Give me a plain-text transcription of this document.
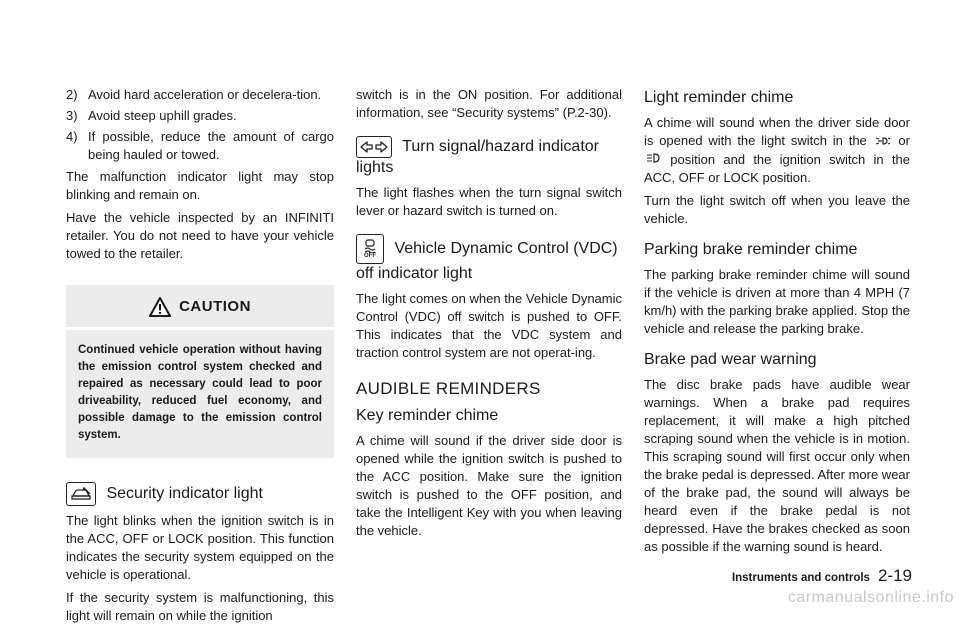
2) Avoid hard acceleration or decelera-tion.
3) Avoid steep uphill grades.
4) If possible, reduce the amount of cargo being hauled or towed.

The malfunction indicator light may stop blinking and remain on.

Have the vehicle inspected by an INFINITI retailer. You do not need to have your vehicle towed to the retailer.

CAUTION
Continued vehicle operation without having the emission control system checked and repaired as necessary could lead to poor driveability, reduced fuel economy, and possible damage to the emission control system.
Security indicator light

The light blinks when the ignition switch is in the ACC, OFF or LOCK position. This function indicates the security system equipped on the vehicle is operational.

If the security system is malfunctioning, this light will remain on while the ignition

switch is in the ON position. For additional information, see “Security systems” (P.2-30).

Turn signal/hazard indicator lights

The light flashes when the turn signal switch lever or hazard switch is turned on.

OFF Vehicle Dynamic Control (VDC) off indicator light

The light comes on when the Vehicle Dynamic Control (VDC) off switch is pushed to OFF. This indicates that the VDC system and traction control system are not operat-ing.

AUDIBLE REMINDERS
Key reminder chime

A chime will sound if the driver side door is opened while the ignition switch is pushed to the ACC position. Make sure the ignition switch is pushed to the OFF position, and take the Intelligent Key with you when leaving the vehicle.

Light reminder chime

A chime will sound when the driver side door is opened with the light switch in the or  position and the ignition switch in the ACC, OFF or LOCK position.

Turn the light switch off when you leave the vehicle.

Parking brake reminder chime

The parking brake reminder chime will sound if the vehicle is driven at more than 4 MPH (7 km/h) with the parking brake applied. Stop the vehicle and release the parking brake.

Brake pad wear warning

The disc brake pads have audible wear warnings. When a brake pad requires replacement, it will make a high pitched scraping sound when the vehicle is in motion. This scraping sound will first occur only when the brake pedal is depressed. After more wear of the brake pad, the sound will always be heard even if the brake pedal is not depressed. Have the brakes checked as soon as possible if the warning sound is heard.

Instruments and controls 2-19
carmanualsonline.info
